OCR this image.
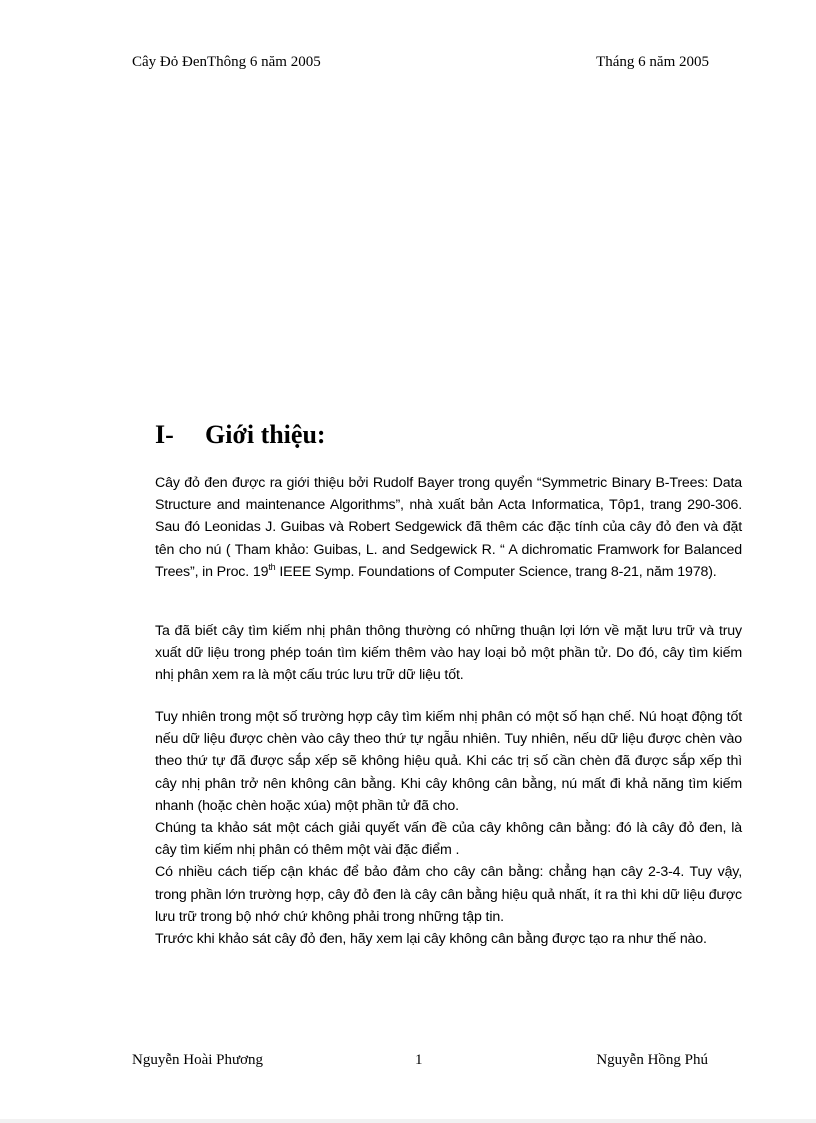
Cây Đỏ ĐenThông 6 năm 2005	Tháng 6 năm 2005
I- Giới thiệu:

Cây đỏ đen được ra giới thiệu bởi Rudolf Bayer trong quyển “Symmetric Binary B-Trees: Data Structure and maintenance Algorithms”, nhà xuất bản Acta Informatica, Tôp1, trang 290-306. Sau đó Leonidas J. Guibas và Robert Sedgewick đã thêm các đặc tính của cây đỏ đen và đặt tên cho nú ( Tham khảo: Guibas, L. and Sedgewick R. “ A dichromatic Framwork for Balanced Trees”, in Proc. 19th IEEE Symp. Foundations of Computer Science, trang 8-21, năm 1978).

Ta đã biết cây tìm kiếm nhị phân thông thường có những thuận lợi lớn về mặt lưu trữ và truy xuất dữ liệu trong phép toán tìm kiếm thêm vào hay loại bỏ một phần tử. Do đó, cây tìm kiếm nhị phân xem ra là một cấu trúc lưu trữ dữ liệu tốt.

Tuy nhiên trong một số trường hợp cây tìm kiếm nhị phân có một số hạn chế. Nú hoạt động tốt nếu dữ liệu được chèn vào cây theo thứ tự ngẫu nhiên. Tuy nhiên, nếu dữ liệu được chèn vào theo thứ tự đã được sắp xếp sẽ không hiệu quả. Khi các trị số cần chèn đã được sắp xếp thì cây nhị phân trở nên không cân bằng. Khi cây không cân bằng, nú mất đi khả năng tìm kiếm nhanh (hoặc chèn hoặc xúa) một phần tử đã cho.

Chúng ta khảo sát một cách giải quyết vấn đề của cây không cân bằng: đó là cây đỏ đen, là cây tìm kiếm nhị phân có thêm một vài đặc điểm .

Có nhiều cách tiếp cận khác để bảo đảm cho cây cân bằng: chẳng hạn cây 2-3-4. Tuy vậy, trong phần lớn trường hợp, cây đỏ đen là cây cân bằng hiệu quả nhất, ít ra thì khi dữ liệu được lưu trữ trong bộ nhớ chứ không phải trong những tập tin.

Trước khi khảo sát cây đỏ đen, hãy xem lại cây không cân bằng được tạo ra như thế nào.

Nguyễn Hoài Phương	1	Nguyễn Hồng Phú
